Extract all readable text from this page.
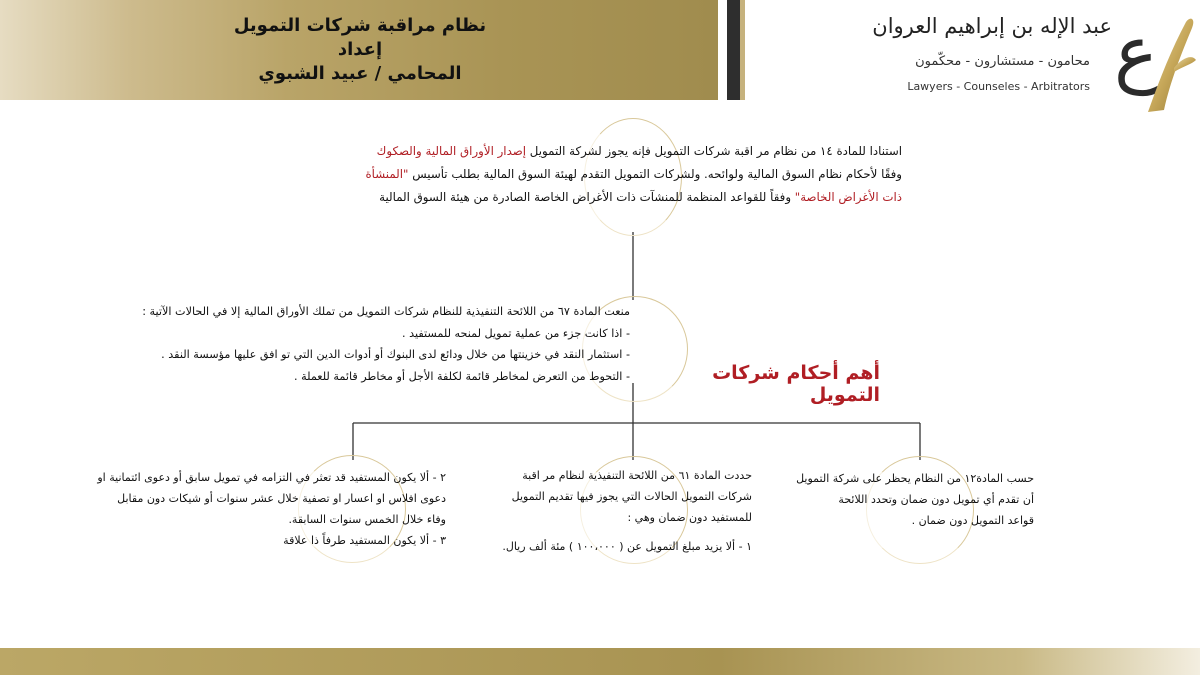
نظام مراقبة شركات التمويل
إعداد
المحامي / عبيد الشبوي
عبد الإله بن إبراهيم العروان
محامون - مستشارون - محكّمون
Lawyers - Counseles - Arbitrators ع
استنادا للمادة ١٤ من نظام مر اقبة شركات التمويل فإنه يجوز لشركة التمويل إصدار الأوراق المالية والصكوك وفقًا لأحكام نظام السوق المالية ولوائحه. ولشركات التمويل التقدم لهيئة السوق المالية بطلب تأسيس "المنشأة ذات الأغراض الخاصة" وفقاً للقواعد المنظمة للمنشآت ذات الأغراض الخاصة الصادرة من هيئة السوق المالية
منعت المادة ٦٧ من اللائحة التنفيذية للنظام شركات التمويل من تملك الأوراق المالية إلا في الحالات الآتية :
- اذا كانت جزء من عملية تمويل لمنحه للمستفيد .
- استثمار النقد في خزينتها من خلال ودائع لدى البنوك أو أدوات الدين التي تو افق عليها مؤسسة النقد .
- التحوط من التعرض لمخاطر قائمة لكلفة الأجل أو مخاطر قائمة للعملة .	أهم أحكام شركات التمويل
حسب المادة١٢ من النظام يحظر على شركة التمويل
أن تقدم أي تمويل دون ضمان وتحدد اللائحة
قواعد التمويل دون ضمان .
حددت المادة ٦١ من اللائحة التنفيذية لنظام مر اقبة
شركات التمويل الحالات التي يجوز فيها تقديم التمويل
للمستفيد دون ضمان وهي :
١ - ألا يزيد مبلغ التمويل عن ( ١٠٠،٠٠٠ ) مئة ألف ريال.
٢ - ألا يكون المستفيد قد تعثر في التزامه في تمويل سابق أو دعوى ائتمانية او
دعوى افلاس او اعسار او تصفية خلال عشر سنوات أو شيكات دون مقابل
وفاء خلال الخمس سنوات السابقة.
٣ - ألا يكون المستفيد طرفاً ذا علاقة
